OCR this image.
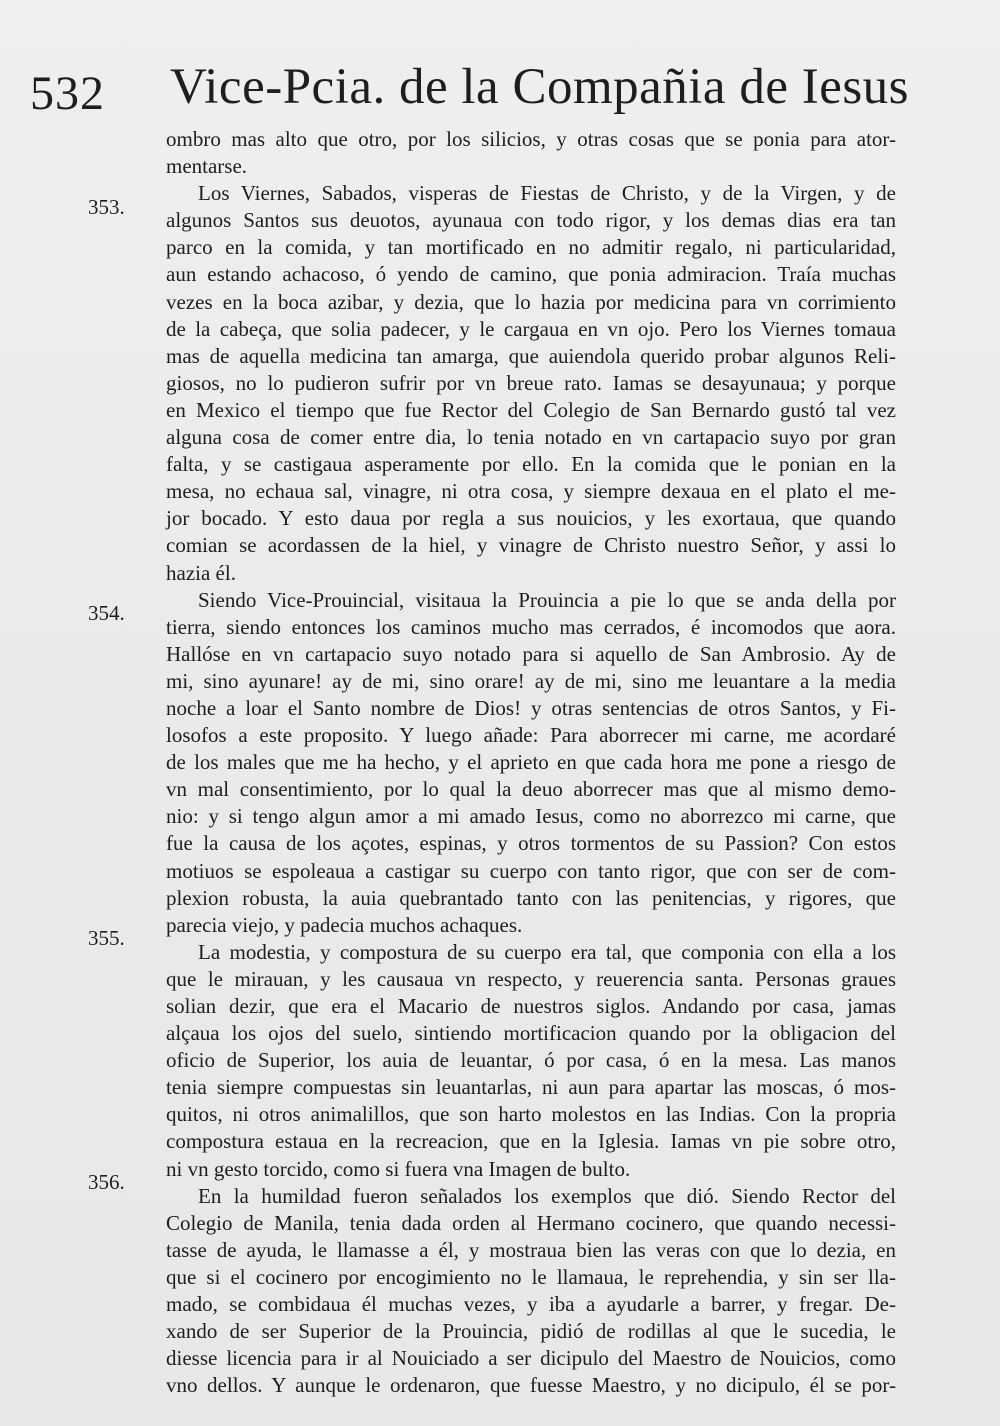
532 Vice-Pcia. de la Compañia de Iesus
353.
354.
355.
356.
ombro mas alto que otro, por los silicios, y otras cosas que se ponia para ator-
mentarse.
Los Viernes, Sabados, visperas de Fiestas de Christo, y de la Virgen, y de
algunos Santos sus deuotos, ayunaua con todo rigor, y los demas dias era tan
parco en la comida, y tan mortificado en no admitir regalo, ni particularidad,
aun estando achacoso, ó yendo de camino, que ponia admiracion. Traía muchas
vezes en la boca azibar, y dezia, que lo hazia por medicina para vn corrimiento
de la cabeça, que solia padecer, y le cargaua en vn ojo. Pero los Viernes tomaua
mas de aquella medicina tan amarga, que auiendola querido probar algunos Reli-
giosos, no lo pudieron sufrir por vn breue rato. Iamas se desayunaua; y porque
en Mexico el tiempo que fue Rector del Colegio de San Bernardo gustó tal vez
alguna cosa de comer entre dia, lo tenia notado en vn cartapacio suyo por gran
falta, y se castigaua asperamente por ello. En la comida que le ponian en la
mesa, no echaua sal, vinagre, ni otra cosa, y siempre dexaua en el plato el me-
jor bocado. Y esto daua por regla a sus nouicios, y les exortaua, que quando
comian se acordassen de la hiel, y vinagre de Christo nuestro Señor, y assi lo
hazia él.
Siendo Vice-Prouincial, visitaua la Prouincia a pie lo que se anda della por
tierra, siendo entonces los caminos mucho mas cerrados, é incomodos que aora.
Hallóse en vn cartapacio suyo notado para si aquello de San Ambrosio. Ay de
mi, sino ayunare! ay de mi, sino orare! ay de mi, sino me leuantare a la media
noche a loar el Santo nombre de Dios! y otras sentencias de otros Santos, y Fi-
losofos a este proposito. Y luego añade: Para aborrecer mi carne, me acordaré
de los males que me ha hecho, y el aprieto en que cada hora me pone a riesgo de
vn mal consentimiento, por lo qual la deuo aborrecer mas que al mismo demo-
nio: y si tengo algun amor a mi amado Iesus, como no aborrezco mi carne, que
fue la causa de los açotes, espinas, y otros tormentos de su Passion? Con estos
motiuos se espoleaua a castigar su cuerpo con tanto rigor, que con ser de com-
plexion robusta, la auia quebrantado tanto con las penitencias, y rigores, que
parecia viejo, y padecia muchos achaques.
La modestia, y compostura de su cuerpo era tal, que componia con ella a los
que le mirauan, y les causaua vn respecto, y reuerencia santa. Personas graues
solian dezir, que era el Macario de nuestros siglos. Andando por casa, jamas
alçaua los ojos del suelo, sintiendo mortificacion quando por la obligacion del
oficio de Superior, los auia de leuantar, ó por casa, ó en la mesa. Las manos
tenia siempre compuestas sin leuantarlas, ni aun para apartar las moscas, ó mos-
quitos, ni otros animalillos, que son harto molestos en las Indias. Con la propria
compostura estaua en la recreacion, que en la Iglesia. Iamas vn pie sobre otro,
ni vn gesto torcido, como si fuera vna Imagen de bulto.
En la humildad fueron señalados los exemplos que dió. Siendo Rector del
Colegio de Manila, tenia dada orden al Hermano cocinero, que quando necessi-
tasse de ayuda, le llamasse a él, y mostraua bien las veras con que lo dezia, en
que si el cocinero por encogimiento no le llamaua, le reprehendia, y sin ser lla-
mado, se combidaua él muchas vezes, y iba a ayudarle a barrer, y fregar. De-
xando de ser Superior de la Prouincia, pidió de rodillas al que le sucedia, le
diesse licencia para ir al Nouiciado a ser dicipulo del Maestro de Nouicios, como
vno dellos. Y aunque le ordenaron, que fuesse Maestro, y no dicipulo, él se por-
